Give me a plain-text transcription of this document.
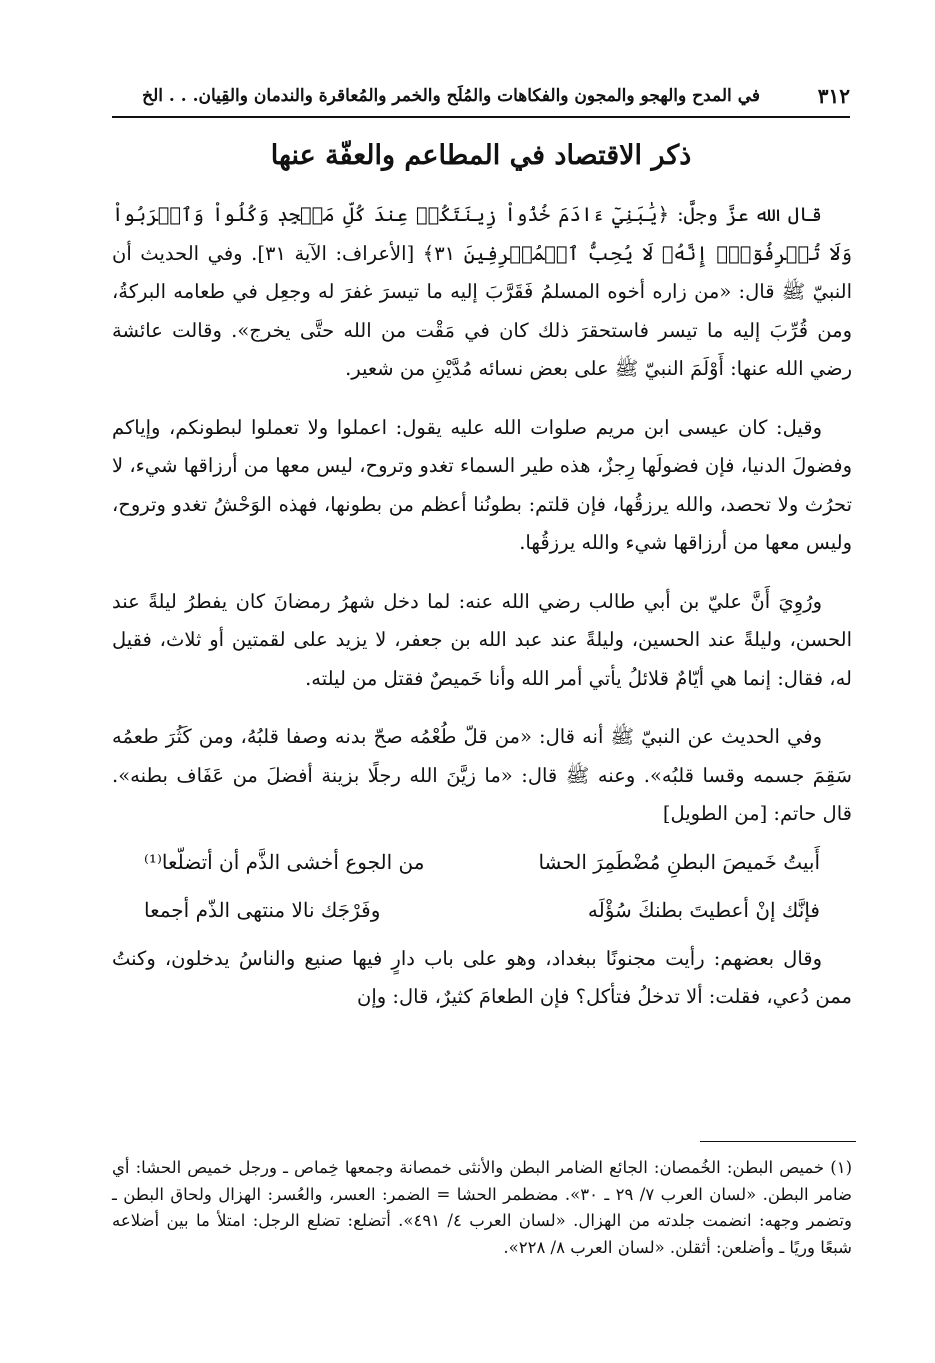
٣١٢
في المدح والهجو والمجون والفكاهات والمُلَح والخمر والمُعاقرة والندمان والقِيان. . . الخ
ذكر الاقتصاد في المطاعم والعفّة عنها

قال الله عزَّ وجلَّ: ﴿يَٰبَنِيٓ ءَادَمَ خُذُواْ زِينَتَكُمۡ عِندَ كُلِّ مَسۡجِدٖ وَكُلُواْ وَٱشۡرَبُواْ وَلَا تُسۡرِفُوٓاْۚ إِنَّهُۥ لَا يُحِبُّ ٱلۡمُسۡرِفِينَ ٣١﴾ [الأعراف: الآية ٣١]. وفي الحديث أن النبيّ ﷺ قال: «من زاره أخوه المسلمُ فَقَرَّبَ إليه ما تيسرَ غفرَ له وجعِل في طعامه البركةُ، ومن قُرِّبَ إليه ما تيسر فاستحقرَ ذلك كان في مَقْت من الله حتَّى يخرج». وقالت عائشة رضي الله عنها: أَوْلَمَ النبيّ ﷺ على بعض نسائه مُدَّيْنِ من شعير.

وقيل: كان عيسى ابن مريم صلوات الله عليه يقول: اعملوا ولا تعملوا لبطونكم، وإياكم وفضولَ الدنيا، فإن فضولَها رِجزٌ، هذه طير السماء تغدو وتروح، ليس معها من أرزاقها شيء، لا تحرُث ولا تحصد، والله يرزقُها، فإن قلتم: بطونُنا أعظم من بطونها، فهذه الوَحْشُ تغدو وتروح، وليس معها من أرزاقها شيء والله يرزقُها.

ورُوِيَ أَنَّ عليّ بن أبي طالب رضي الله عنه: لما دخل شهرُ رمضانَ كان يفطرُ ليلةً عند الحسن، وليلةً عند الحسين، وليلةً عند عبد الله بن جعفر، لا يزيد على لقمتين أو ثلاث، فقيل له، فقال: إنما هي أيّامٌ قلائلُ يأتي أمر الله وأنا خَميصٌ فقتل من ليلته.

وفي الحديث عن النبيّ ﷺ أنه قال: «من قلّ طُعْمُه صحّ بدنه وصفا قلبُهُ، ومن كَثُرَ طعمُه سَقِمَ جسمه وقسا قلبُه». وعنه ﷺ قال: «ما زيَّنَ الله رجلًا بزينة أفضلَ من عَفَاف بطنه». قال حاتم: [من الطويل]

أَبيتُ خَميصَ البطنِ مُضْطَمِرَ الحشا
من الجوع أخشى الذَّم أن أتضلّعا⁽¹⁾
فإنَّك إنْ أعطيتَ بطنكَ سُؤْلَه
وفَرْجَك نالا منتهى الذّم أجمعا

وقال بعضهم: رأيت مجنونًا ببغداد، وهو على باب دارٍ فيها صنيع والناسُ يدخلون، وكنتُ ممن دُعي، فقلت: ألا تدخلُ فتأكل؟ فإن الطعامَ كثيرٌ، قال: وإن

(١) خميص البطن: الخُمصان: الجائع الضامر البطن والأنثى خمصانة وجمعها خِماص ـ ورجل خميص الحشا: أي ضامر البطن. «لسان العرب ٧/ ٢٩ ـ ٣٠». مضطمر الحشا = الضمر: العسر، والعُسر: الهزال ولحاق البطن ـ وتضمر وجهه: انضمت جلدته من الهزال. «لسان العرب ٤/ ٤٩١». أتضلع: تضلع الرجل: امتلأ ما بين أضلاعه شبعًا وريًا ـ وأضلعن: أثقلن. «لسان العرب ٨/ ٢٢٨».
